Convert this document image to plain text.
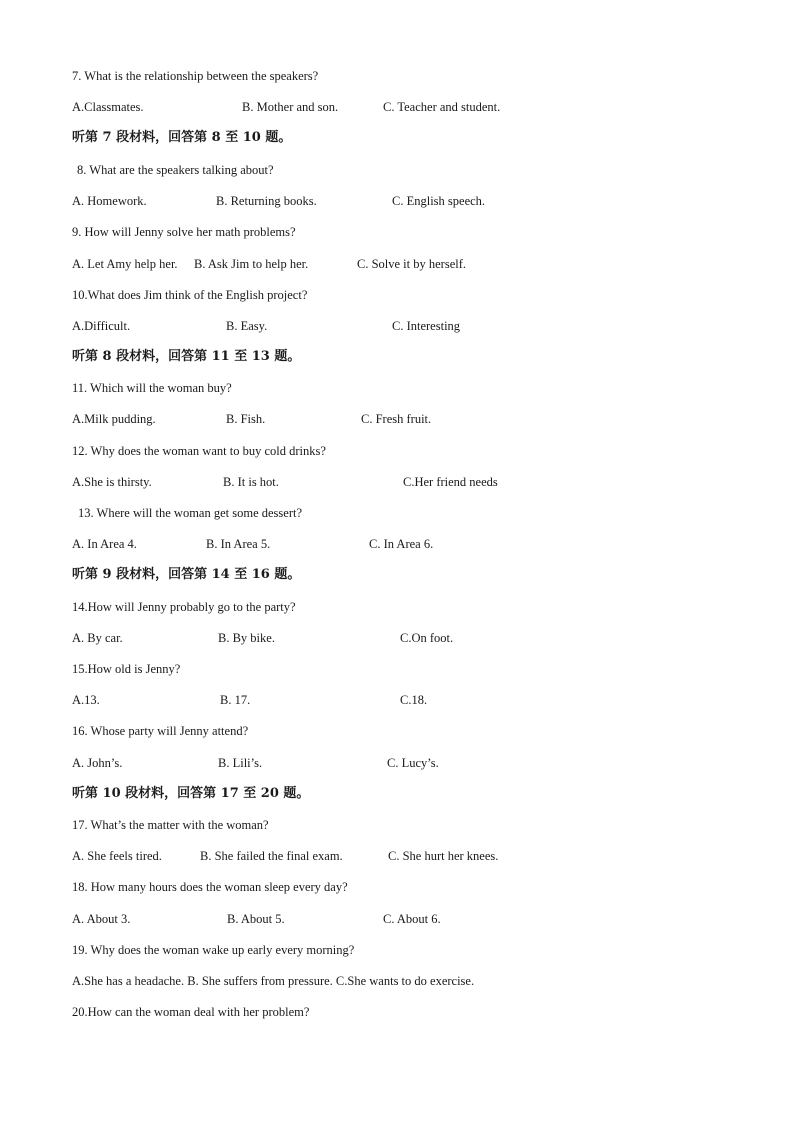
7. What is the relationship between the speakers?
A.Classmates.	B. Mother and son.	C. Teacher and student.
听第 7 段材料，回答第 8 至 10 题。
8. What are the speakers talking about?
A. Homework.	B. Returning books.	C. English speech.
9. How will Jenny solve her math problems?
A. Let Amy help her. B. Ask Jim to help her.	C. Solve it by herself.
10.What does Jim think of the English project?
A.Difficult.	B. Easy.	C. Interesting
听第 8 段材料，回答第 11 至 13 题。
11. Which will the woman buy?
A.Milk pudding.	B. Fish.	C. Fresh fruit.
12. Why does the woman want to buy cold drinks?
A.She is thirsty.	B. It is hot.	C.Her friend needs
13. Where will the woman get some dessert?
A. In Area 4.	B. In Area 5.	C. In Area 6.
听第 9 段材料，回答第 14 至 16 题。
14.How will Jenny probably go to the party?
A. By car.	B. By bike.	C.On foot.
15.How old is Jenny?
A.13.	B. 17.	C.18.
16. Whose party will Jenny attend?
A. John’s.	B. Lili’s.	C. Lucy’s.
听第 10 段材料，回答第 17 至 20 题。
17. What’s the matter with the woman?
A. She feels tired.	B. She failed the final exam.	C. She hurt her knees.
18. How many hours does the woman sleep every day?
A. About 3.	B. About 5.	C. About 6.
19. Why does the woman wake up early every morning?
A.She has a headache. B. She suffers from pressure. C.She wants to do exercise.
20.How can the woman deal with her problem?
